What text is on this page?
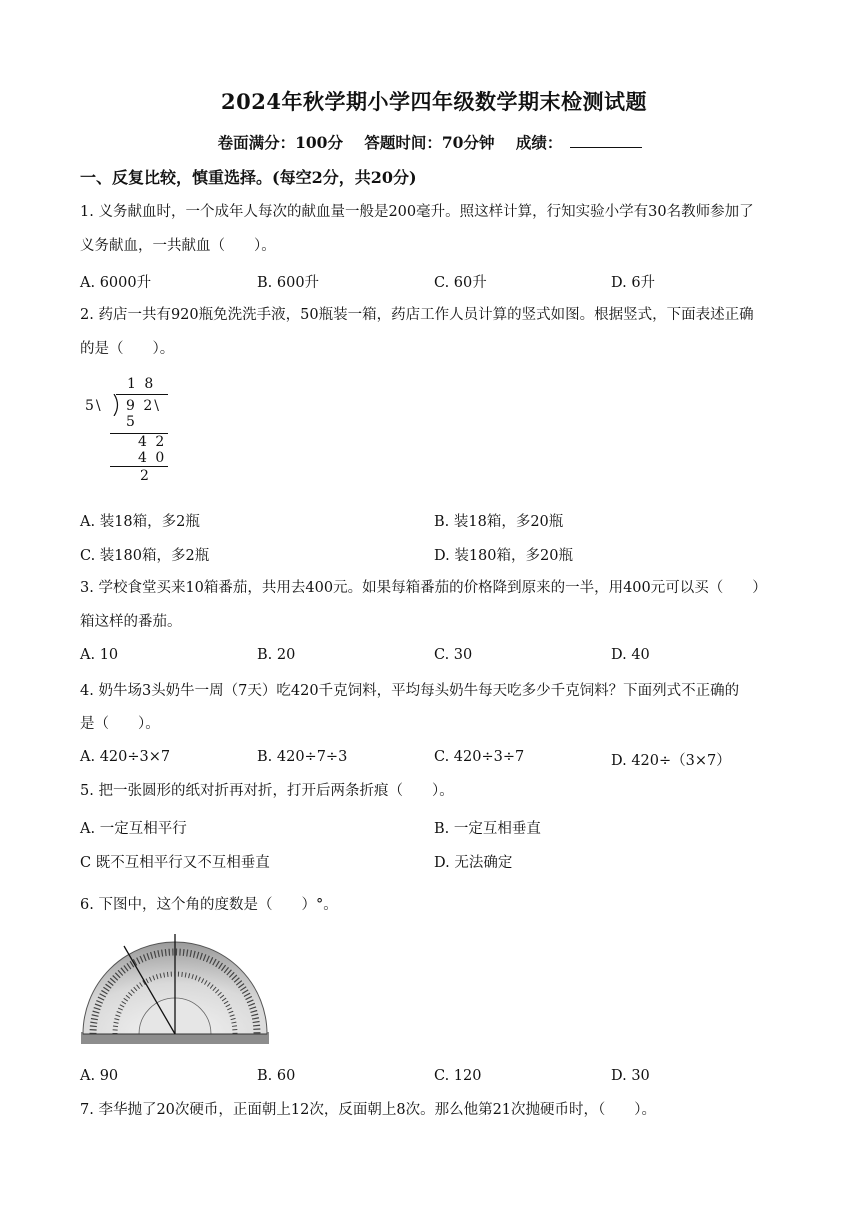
2024年秋学期小学四年级数学期末检测试题
卷面满分：100分 答题时间：70分钟 成绩：
一、反复比较，慎重选择。(每空2分，共20分)
1. 义务献血时，一个成年人每次的献血量一般是200毫升。照这样计算，行知实验小学有30名教师参加了
义务献血，一共献血（　　）。
A. 6000升	B. 600升	C. 60升	D. 6升
2. 药店一共有920瓶免洗洗手液，50瓶装一箱，药店工作人员计算的竖式如图。根据竖式，下面表述正确
的是（　　）。
1 8
5\ 9 2\
5
4 2
4 0
2
A. 装18箱，多2瓶	B. 装18箱，多20瓶
C. 装180箱，多2瓶	D. 装180箱，多20瓶
3. 学校食堂买来10箱番茄，共用去400元。如果每箱番茄的价格降到原来的一半，用400元可以买（　　）
箱这样的番茄。
A. 10	B. 20	C. 30	D. 40
4. 奶牛场3头奶牛一周（7天）吃420千克饲料，平均每头奶牛每天吃多少千克饲料？下面列式不正确的
是（　　）。
A. 420÷3×7	B. 420÷7÷3	C. 420÷3÷7	D. 420÷（3×7）
5. 把一张圆形的纸对折再对折，打开后两条折痕（　　）。
A. 一定互相平行	B. 一定互相垂直
C 既不互相平行又不互相垂直	D. 无法确定
6. 下图中，这个角的度数是（　　）°。
A. 90	B. 60	C. 120	D. 30
7. 李华抛了20次硬币，正面朝上12次，反面朝上8次。那么他第21次抛硬币时，（　　）。
